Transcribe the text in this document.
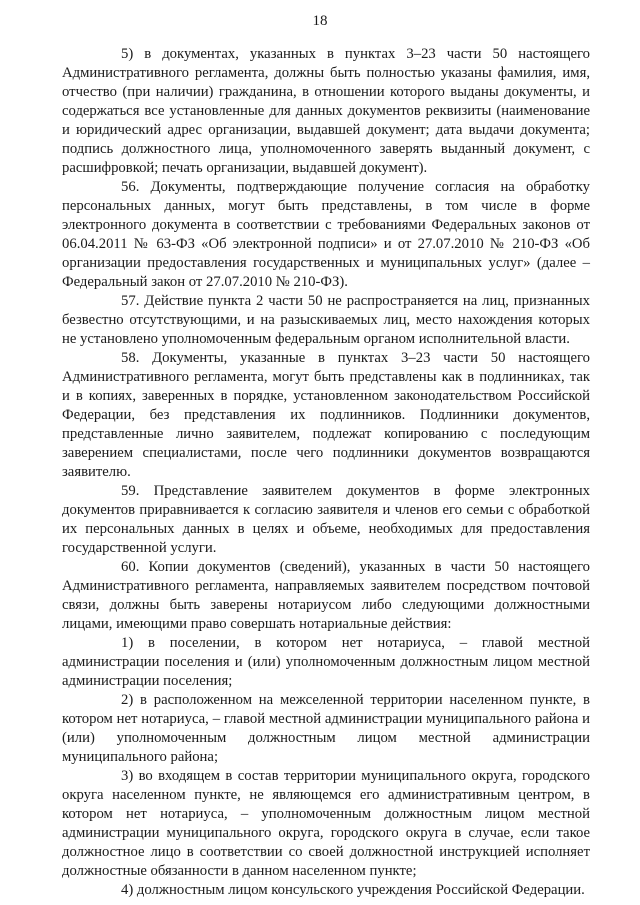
18

5) в документах, указанных в пунктах 3–23 части 50 настоящего Административного регламента, должны быть полностью указаны фамилия, имя, отчество (при наличии) гражданина, в отношении которого выданы документы, и содержаться все установленные для данных документов реквизиты (наименование и юридический адрес организации, выдавшей документ; дата выдачи документа; подпись должностного лица, уполномоченного заверять выданный документ, с расшифровкой; печать организации, выдавшей документ).

56. Документы, подтверждающие получение согласия на обработку персональных данных, могут быть представлены, в том числе в форме электронного документа в соответствии с требованиями Федеральных законов от 06.04.2011 № 63-ФЗ «Об электронной подписи» и от 27.07.2010 № 210-ФЗ «Об организации предоставления государственных и муниципальных услуг» (далее – Федеральный закон от 27.07.2010 № 210-ФЗ).

57. Действие пункта 2 части 50 не распространяется на лиц, признанных безвестно отсутствующими, и на разыскиваемых лиц, место нахождения которых не установлено уполномоченным федеральным органом исполнительной власти.

58. Документы, указанные в пунктах 3–23 части 50 настоящего Административного регламента, могут быть представлены как в подлинниках, так и в копиях, заверенных в порядке, установленном законодательством Российской Федерации, без представления их подлинников. Подлинники документов, представленные лично заявителем, подлежат копированию с последующим заверением специалистами, после чего подлинники документов возвращаются заявителю.

59. Представление заявителем документов в форме электронных документов приравнивается к согласию заявителя и членов его семьи с обработкой их персональных данных в целях и объеме, необходимых для предоставления государственной услуги.

60. Копии документов (сведений), указанных в части 50 настоящего Административного регламента, направляемых заявителем посредством почтовой связи, должны быть заверены нотариусом либо следующими должностными лицами, имеющими право совершать нотариальные действия:

1) в поселении, в котором нет нотариуса, – главой местной администрации поселения и (или) уполномоченным должностным лицом местной администрации поселения;

2) в расположенном на межселенной территории населенном пункте, в котором нет нотариуса, – главой местной администрации муниципального района и (или) уполномоченным должностным лицом местной администрации муниципального района;

3) во входящем в состав территории муниципального округа, городского округа населенном пункте, не являющемся его административным центром, в котором нет нотариуса, – уполномоченным должностным лицом местной администрации муниципального округа, городского округа в случае, если такое должностное лицо в соответствии со своей должностной инструкцией исполняет должностные обязанности в данном населенном пункте;

4) должностным лицом консульского учреждения Российской Федерации.
